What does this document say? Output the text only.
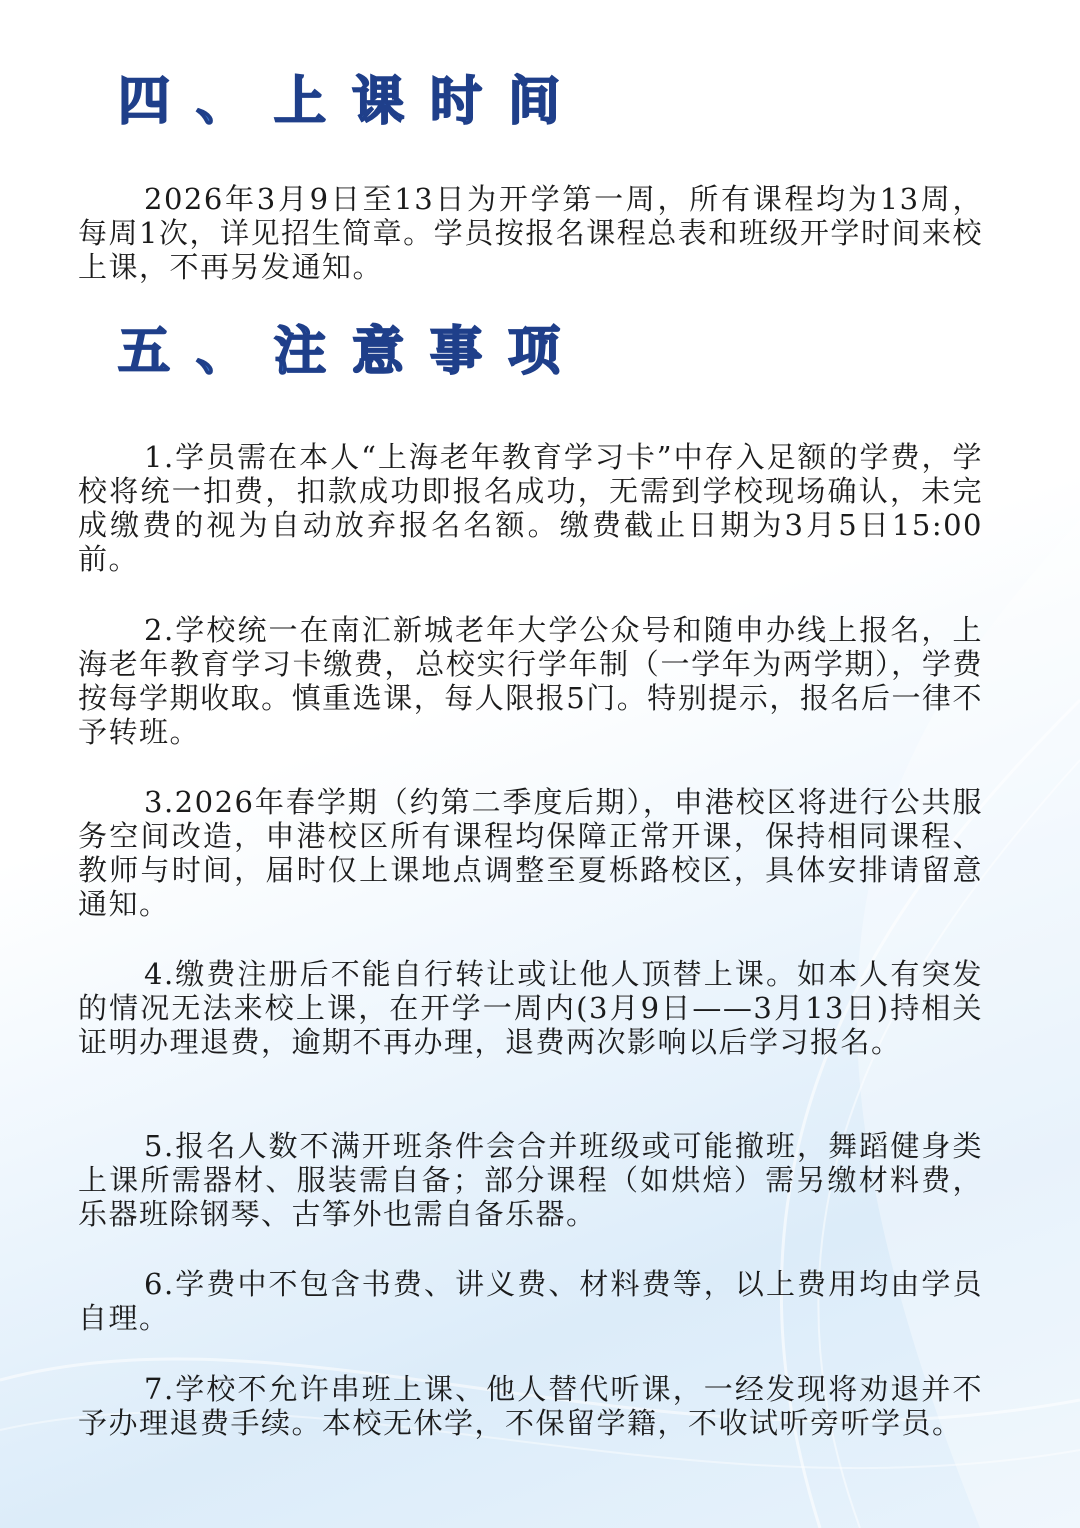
四、上课时间

2026年3月9日至13日为开学第一周，所有课程均为13周，每周1次，详见招生简章。学员按报名课程总表和班级开学时间来校上课，不再另发通知。

五、注意事项

1.学员需在本人“上海老年教育学习卡”中存入足额的学费，学校将统一扣费，扣款成功即报名成功，无需到学校现场确认，未完成缴费的视为自动放弃报名名额。缴费截止日期为3月5日15:00前。

2.学校统一在南汇新城老年大学公众号和随申办线上报名，上海老年教育学习卡缴费，总校实行学年制（一学年为两学期），学费按每学期收取。慎重选课，每人限报5门。特别提示，报名后一律不予转班。

3.2026年春学期（约第二季度后期），申港校区将进行公共服务空间改造，申港校区所有课程均保障正常开课，保持相同课程、教师与时间，届时仅上课地点调整至夏栎路校区，具体安排请留意通知。

4.缴费注册后不能自行转让或让他人顶替上课。如本人有突发的情况无法来校上课，在开学一周内(3月9日——3月13日)持相关证明办理退费，逾期不再办理，退费两次影响以后学习报名。

5.报名人数不满开班条件会合并班级或可能撤班，舞蹈健身类上课所需器材、服装需自备；部分课程（如烘焙）需另缴材料费，乐器班除钢琴、古筝外也需自备乐器。

6.学费中不包含书费、讲义费、材料费等，以上费用均由学员自理。

7.学校不允许串班上课、他人替代听课，一经发现将劝退并不予办理退费手续。本校无休学，不保留学籍，不收试听旁听学员。
